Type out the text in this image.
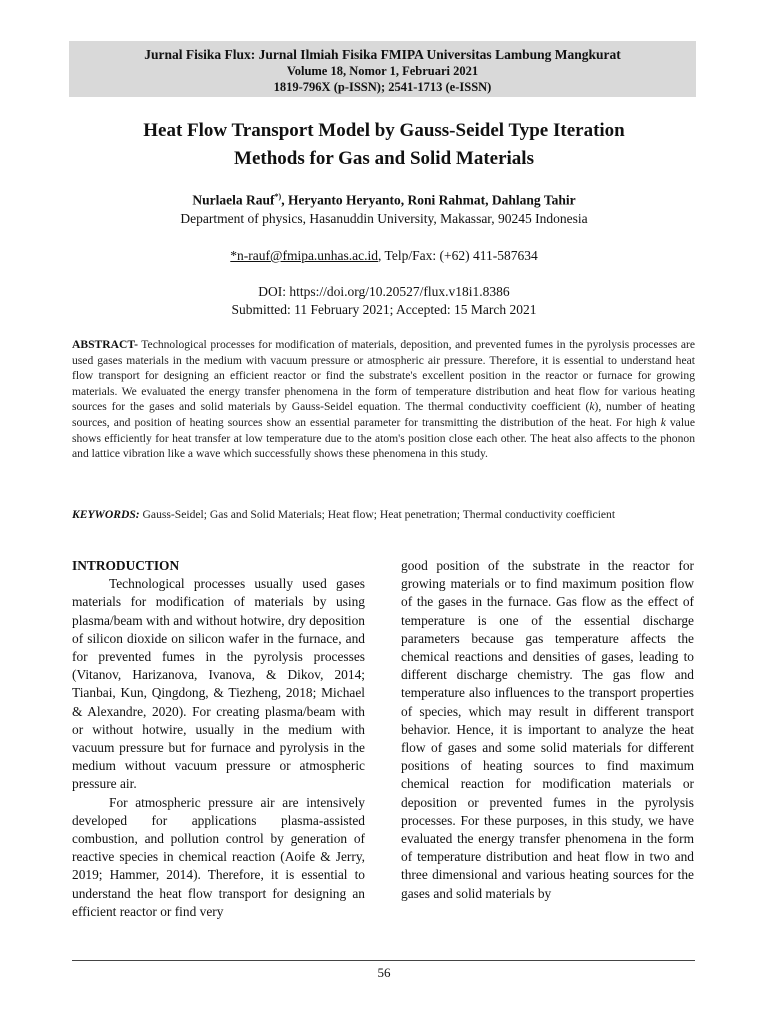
Jurnal Fisika Flux: Jurnal Ilmiah Fisika FMIPA Universitas Lambung Mangkurat
Volume 18, Nomor 1, Februari 2021
1819-796X (p-ISSN); 2541-1713 (e-ISSN)
Heat Flow Transport Model by Gauss-Seidel Type Iteration
Methods for Gas and Solid Materials
Nurlaela Rauf*), Heryanto Heryanto, Roni Rahmat, Dahlang Tahir
Department of physics, Hasanuddin University, Makassar, 90245 Indonesia
*n-rauf@fmipa.unhas.ac.id, Telp/Fax: (+62) 411-587634
DOI: https://doi.org/10.20527/flux.v18i1.8386
Submitted: 11 February 2021; Accepted: 15 March 2021
ABSTRACT- Technological processes for modification of materials, deposition, and prevented fumes in the pyrolysis processes are used gases materials in the medium with vacuum pressure or atmospheric air pressure. Therefore, it is essential to understand heat flow transport for designing an efficient reactor or find the substrate's excellent position in the reactor or furnace for growing materials. We evaluated the energy transfer phenomena in the form of temperature distribution and heat flow for various heating sources for the gases and solid materials by Gauss-Seidel equation. The thermal conductivity coefficient (k), number of heating sources, and position of heating sources show an essential parameter for transmitting the distribution of the heat. For high k value shows efficiently for heat transfer at low temperature due to the atom's position close each other. The heat also affects to the phonon and lattice vibration like a wave which successfully shows these phenomena in this study.
KEYWORDS: Gauss-Seidel; Gas and Solid Materials; Heat flow; Heat penetration; Thermal conductivity coefficient

INTRODUCTION

Technological processes usually used gases materials for modification of materials by using plasma/beam with and without hotwire, dry deposition of silicon dioxide on silicon wafer in the furnace, and for prevented fumes in the pyrolysis processes (Vitanov, Harizanova, Ivanova, & Dikov, 2014; Tianbai, Kun, Qingdong, & Tiezheng, 2018; Michael & Alexandre, 2020). For creating plasma/beam with or without hotwire, usually in the medium with vacuum pressure but for furnace and pyrolysis in the medium without vacuum pressure or atmospheric pressure air.

For atmospheric pressure air are intensively developed for applications plasma-assisted combustion, and pollution control by generation of reactive species in chemical reaction (Aoife & Jerry, 2019; Hammer, 2014). Therefore, it is essential to understand the heat flow transport for designing an efficient reactor or find very

good position of the substrate in the reactor for growing materials or to find maximum position flow of the gases in the furnace. Gas flow as the effect of temperature is one of the essential discharge parameters because gas temperature affects the chemical reactions and densities of gases, leading to different discharge chemistry. The gas flow and temperature also influences to the transport properties of species, which may result in different transport behavior. Hence, it is important to analyze the heat flow of gases and some solid materials for different positions of heating sources to find maximum chemical reaction for modification materials or deposition or prevented fumes in the pyrolysis processes. For these purposes, in this study, we have evaluated the energy transfer phenomena in the form of temperature distribution and heat flow in two and three dimensional and various heating sources for the gases and solid materials by

56
